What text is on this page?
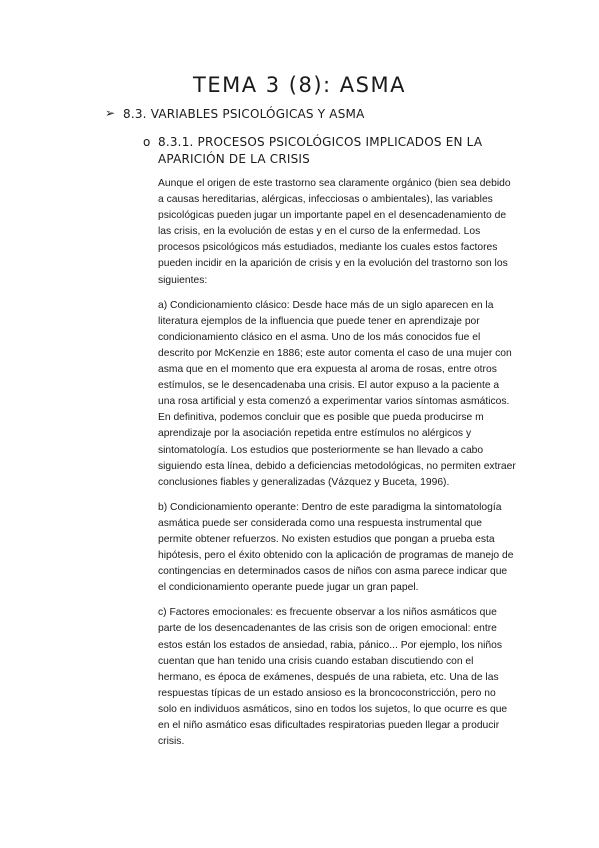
TEMA 3 (8): ASMA
➢ 8.3. VARIABLES PSICOLÓGICAS Y ASMA
o 8.3.1. PROCESOS PSICOLÓGICOS IMPLICADOS EN LA APARICIÓN DE LA CRISIS

Aunque el origen de este trastorno sea claramente orgánico (bien sea debido a causas hereditarias, alérgicas, infecciosas o ambientales), las variables psicológicas pueden jugar un importante papel en el desencadenamiento de las crisis, en la evolución de estas y en el curso de la enfermedad. Los procesos psicológicos más estudiados, mediante los cuales estos factores pueden incidir en la aparición de crisis y en la evolución del trastorno son los siguientes:

a) Condicionamiento clásico: Desde hace más de un siglo aparecen en la literatura ejemplos de la influencia que puede tener en aprendizaje por condicionamiento clásico en el asma. Uno de los más conocidos fue el descrito por McKenzie en 1886; este autor comenta el caso de una mujer con asma que en el momento que era expuesta al aroma de rosas, entre otros estímulos, se le desencadenaba una crisis. El autor expuso a la paciente a una rosa artificial y esta comenzó a experimentar varios síntomas asmáticos. En definitiva, podemos concluir que es posible que pueda producirse m aprendizaje por la asociación repetida entre estímulos no alérgicos y sintomatología. Los estudios que posteriormente se han llevado a cabo siguiendo esta línea, debido a deficiencias metodológicas, no permiten extraer conclusiones fiables y generalizadas (Vázquez y Buceta, 1996).

b) Condicionamiento operante: Dentro de este paradigma la sintomatología asmática puede ser considerada como una respuesta instrumental que permite obtener refuerzos. No existen estudios que pongan a prueba esta hipótesis, pero el éxito obtenido con la aplicación de programas de manejo de contingencias en determinados casos de niños con asma parece indicar que el condicionamiento operante puede jugar un gran papel.

c) Factores emocionales: es frecuente observar a los niños asmáticos que parte de los desencadenantes de las crisis son de origen emocional: entre estos están los estados de ansiedad, rabia, pánico... Por ejemplo, los niños cuentan que han tenido una crisis cuando estaban discutiendo con el hermano, es época de exámenes, después de una rabieta, etc. Una de las respuestas típicas de un estado ansioso es la broncoconstricción, pero no solo en individuos asmáticos, sino en todos los sujetos, lo que ocurre es que en el niño asmático esas dificultades respiratorias pueden llegar a producir crisis.
